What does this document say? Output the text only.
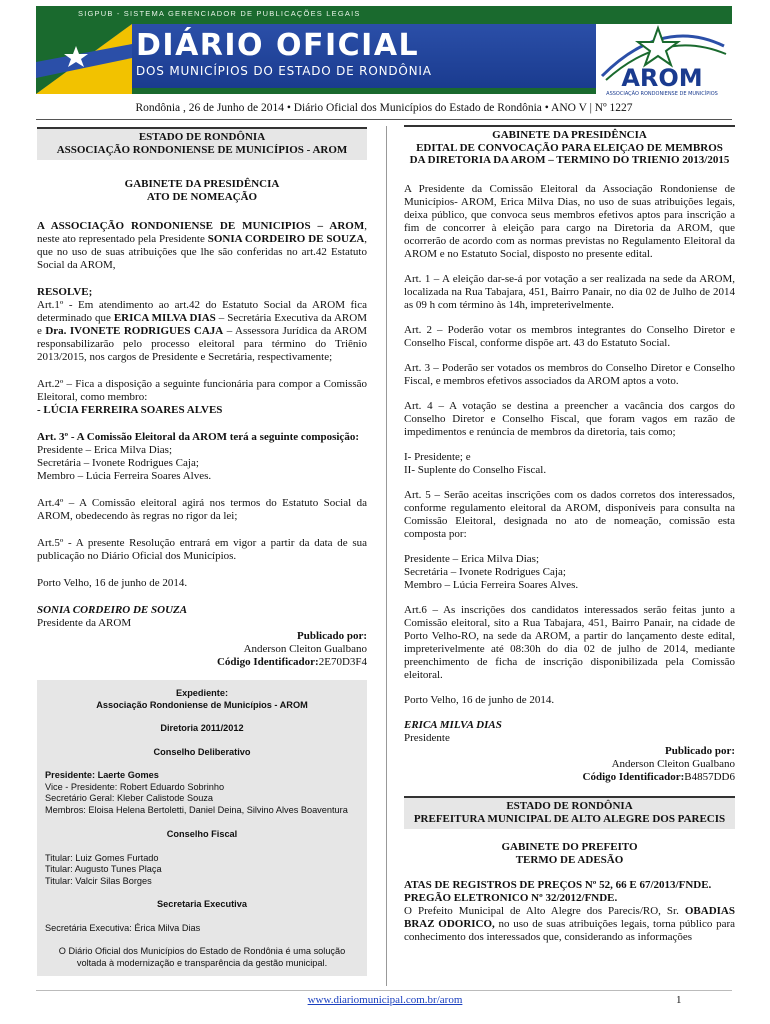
SIGPUB - SISTEMA GERENCIADOR DE PUBLICAÇÕES LEGAIS
DIÁRIO OFICIAL
DOS MUNICÍPIOS DO ESTADO DE RONDÔNIA	AROM
ASSOCIAÇÃO RONDONIENSE DE MUNICÍPIOS
Rondônia , 26 de Junho de 2014 • Diário Oficial dos Municípios do Estado de Rondônia • ANO V | Nº 1227
ESTADO DE RONDÔNIA
ASSOCIAÇÃO RONDONIENSE DE MUNICÍPIOS - AROM
GABINETE DA PRESIDÊNCIA
ATO DE NOMEAÇÃO

A ASSOCIAÇÃO RONDONIENSE DE MUNICIPIOS – AROM, neste ato representado pela Presidente SONIA CORDEIRO DE SOUZA, que no uso de suas atribuições que lhe são conferidas no art.42 Estatuto Social da AROM,

RESOLVE;

Art.1º - Em atendimento ao art.42 do Estatuto Social da AROM fica determinado que ERICA MILVA DIAS – Secretária Executiva da AROM e Dra. IVONETE RODRIGUES CAJA – Assessora Jurídica da AROM responsabilizarão pelo processo eleitoral para término do Triênio 2013/2015, nos cargos de Presidente e Secretária, respectivamente;

Art.2º – Fica a disposição a seguinte funcionária para compor a Comissão Eleitoral, como membro:
- LÚCIA FERREIRA SOARES ALVES

Art. 3º - A Comissão Eleitoral da AROM terá a seguinte composição:
Presidente – Erica Milva Dias;
Secretária – Ivonete Rodrigues Caja;
Membro – Lúcia Ferreira Soares Alves.

Art.4º – A Comissão eleitoral agirá nos termos do Estatuto Social da AROM, obedecendo às regras no rigor da lei;

Art.5º - A presente Resolução entrará em vigor a partir da data de sua publicação no Diário Oficial dos Municípios.

Porto Velho, 16 de junho de 2014.

SONIA CORDEIRO DE SOUZA
Presidente da AROM
Publicado por:
Anderson Cleiton Gualbano
Código Identificador:2E70D3F4
Expediente:
Associação Rondoniense de Municípios - AROM
Diretoria 2011/2012
Conselho Deliberativo
Presidente: Laerte Gomes
Vice - Presidente: Robert Eduardo Sobrinho
Secretário Geral: Kleber Calistode Souza
Membros: Eloisa Helena Bertoletti, Daniel Deina, Silvino Alves Boaventura
Conselho Fiscal
Titular: Luiz Gomes Furtado
Titular: Augusto Tunes Plaça
Titular: Valcir Silas Borges
Secretaria Executiva
Secretária Executiva: Érica Milva Dias
O Diário Oficial dos Municípios do Estado de Rondônia é uma solução voltada à modernização e transparência da gestão municipal.
GABINETE DA PRESIDÊNCIA
EDITAL DE CONVOCAÇÃO PARA ELEIÇAO DE MEMBROS DA DIRETORIA DA AROM – TERMINO DO TRIENIO 2013/2015

A Presidente da Comissão Eleitoral da Associação Rondoniense de Municípios- AROM, Erica Milva Dias, no uso de suas atribuições legais, deixa público, que convoca seus membros efetivos aptos para inscrição a fim de concorrer à eleição para cargo na Diretoria da AROM, que ocorrerão de acordo com as normas previstas no Regulamento Eleitoral da AROM e no Estatuto Social, disposto no presente edital.

Art. 1 – A eleição dar-se-á por votação a ser realizada na sede da AROM, localizada na Rua Tabajara, 451, Bairro Panair, no dia 02 de Julho de 2014 as 09 h com término às 14h, impreterivelmente.

Art. 2 – Poderão votar os membros integrantes do Conselho Diretor e Conselho Fiscal, conforme dispõe art. 43 do Estatuto Social.

Art. 3 – Poderão ser votados os membros do Conselho Diretor e Conselho Fiscal, e membros efetivos associados da AROM aptos a voto.

Art. 4 – A votação se destina a preencher a vacância dos cargos do Conselho Diretor e Conselho Fiscal, que foram vagos em razão de impedimentos e renúncia de membros da diretoria, tais como;

I- Presidente; e
II- Suplente do Conselho Fiscal.

Art. 5 – Serão aceitas inscrições com os dados corretos dos interessados, conforme regulamento eleitoral da AROM, disponíveis para consulta na Comissão Eleitoral, designada no ato de nomeação, comissão esta composta por:

Presidente – Erica Milva Dias;
Secretária – Ivonete Rodrigues Caja;
Membro – Lúcia Ferreira Soares Alves.

Art.6 – As inscrições dos candidatos interessados serão feitas junto a Comissão eleitoral, sito a Rua Tabajara, 451, Bairro Panair, na cidade de Porto Velho-RO, na sede da AROM, a partir do lançamento deste edital, impreterivelmente até 08:30h do dia 02 de julho de 2014, mediante preenchimento de ficha de inscrição disponibilizada pela Comissão eleitoral.

Porto Velho, 16 de junho de 2014.

ERICA MILVA DIAS
Presidente
Publicado por:
Anderson Cleiton Gualbano
Código Identificador:B4857DD6
ESTADO DE RONDÔNIA
PREFEITURA MUNICIPAL DE ALTO ALEGRE DOS PARECIS
GABINETE DO PREFEITO
TERMO DE ADESÃO
ATAS DE REGISTROS DE PREÇOS Nº 52, 66 E 67/2013/FNDE. PREGÃO ELETRONICO Nº 32/2012/FNDE.

O Prefeito Municipal de Alto Alegre dos Parecis/RO, Sr. OBADIAS BRAZ ODORICO, no uso de suas atribuições legais, torna público para conhecimento dos interessados que, considerando as informações

www.diariomunicipal.com.br/arom	1
